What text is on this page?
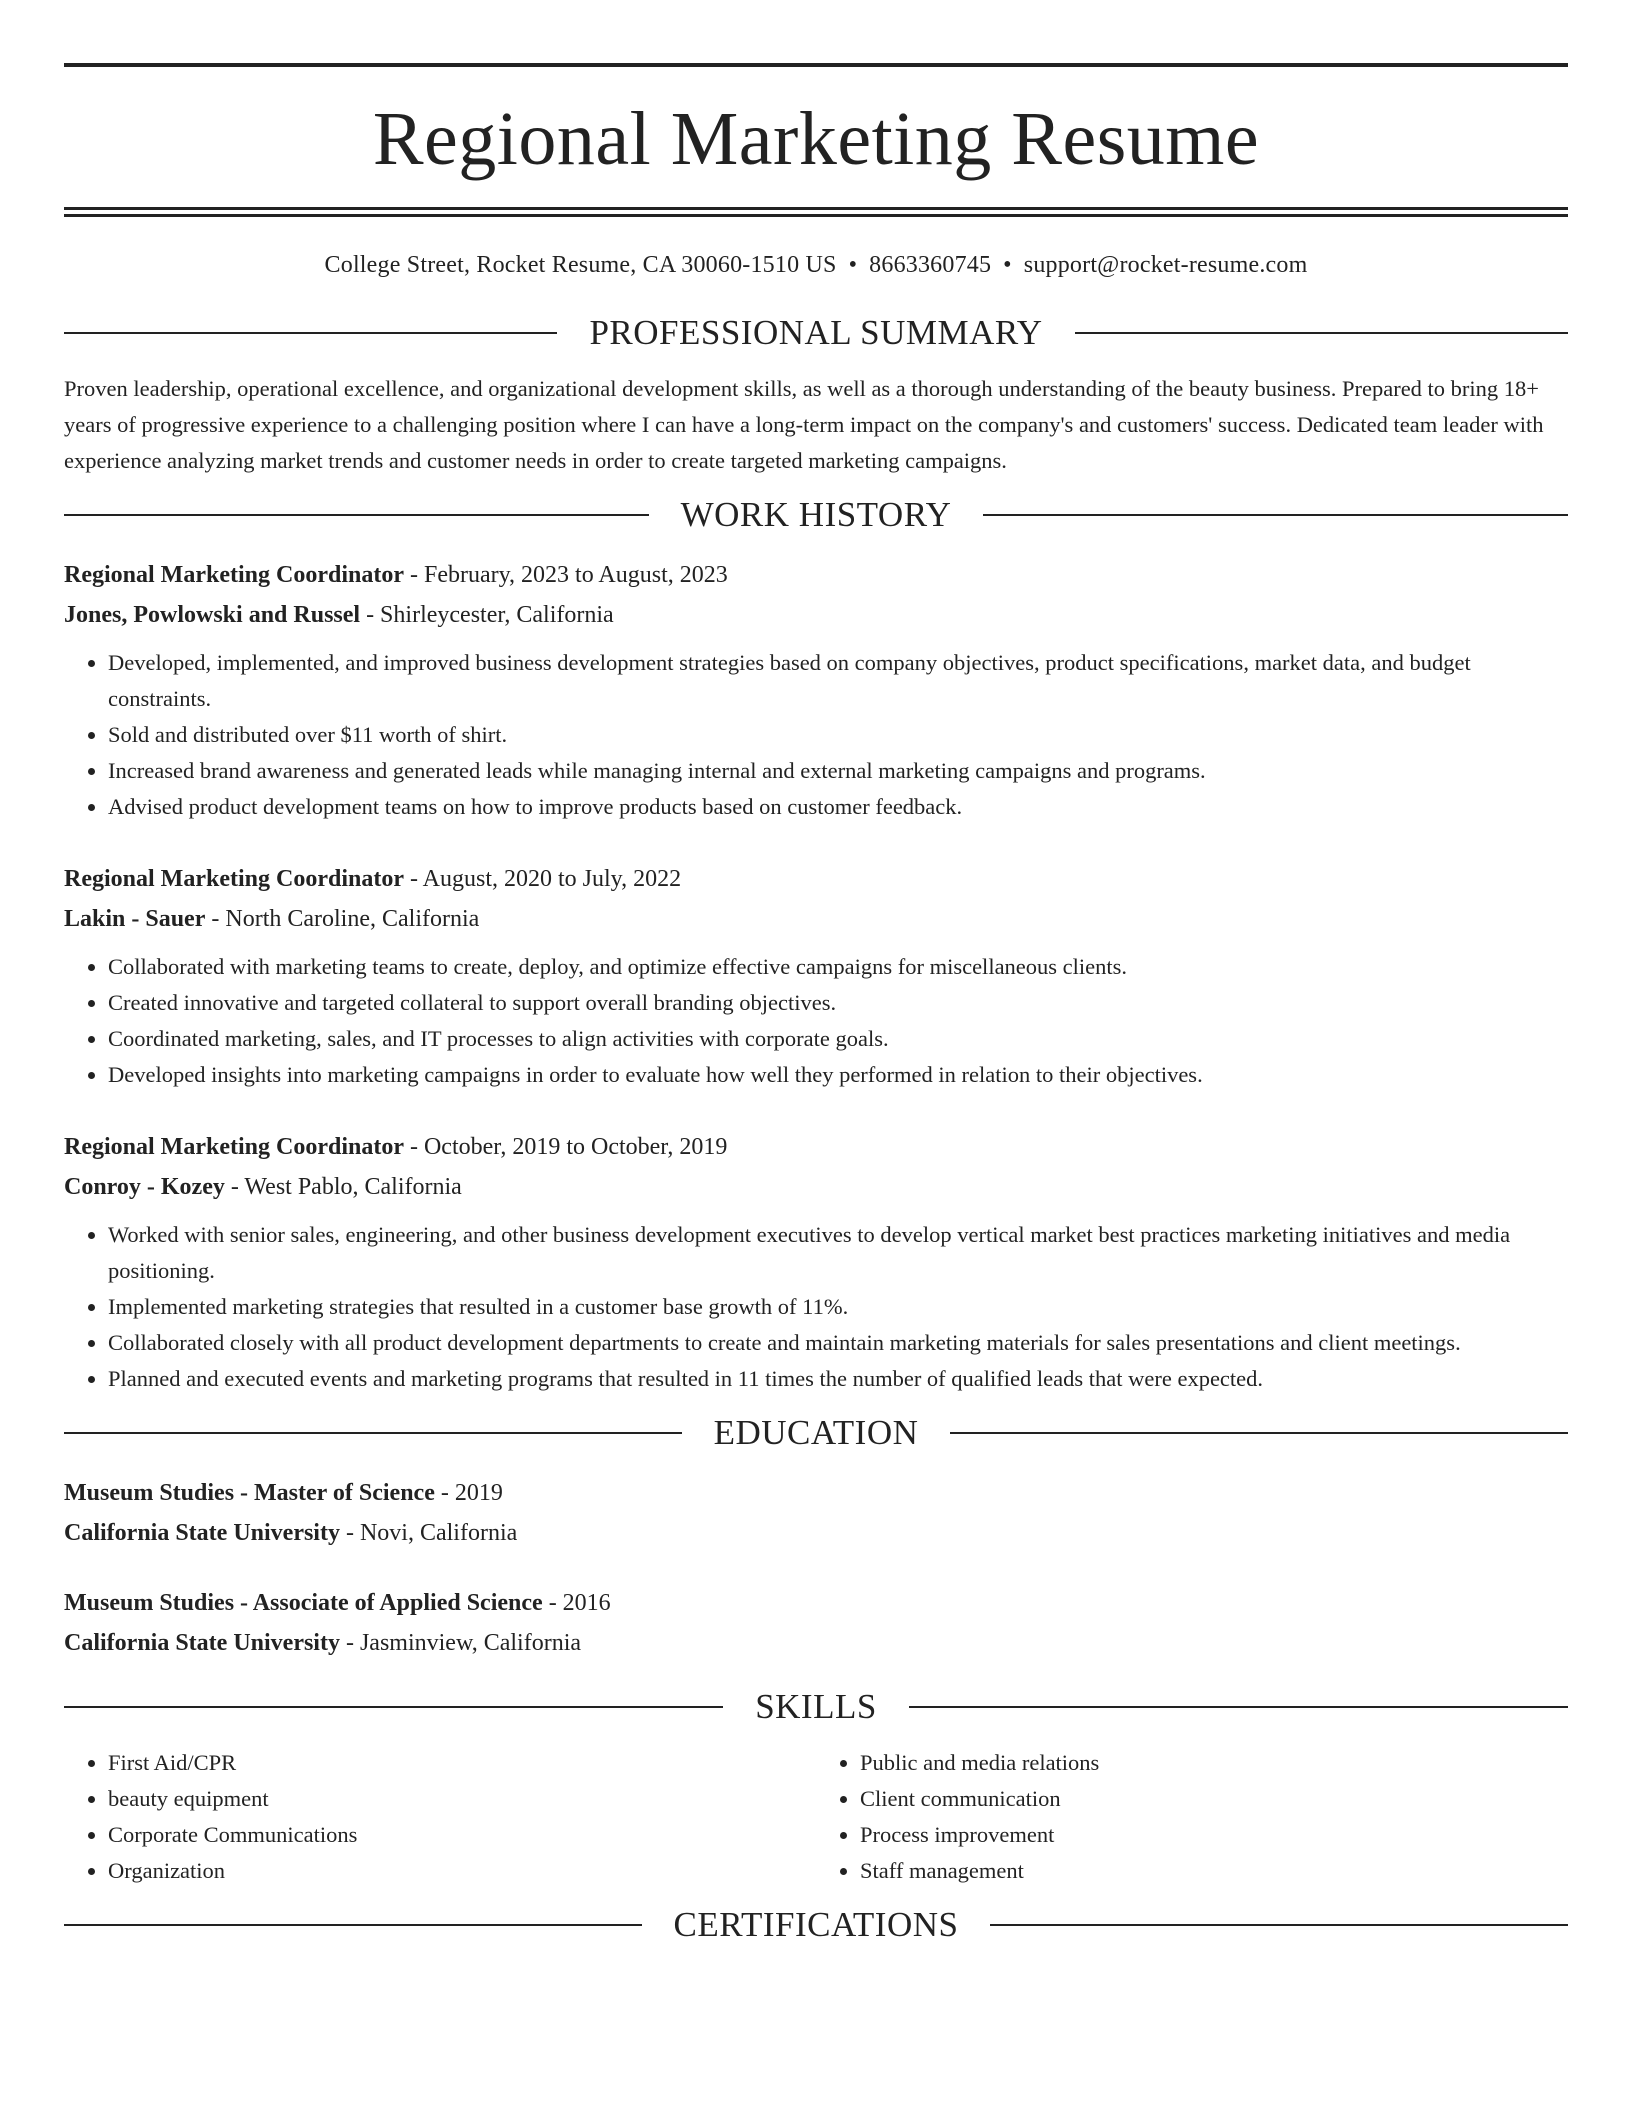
Regional Marketing Resume
College Street, Rocket Resume, CA 30060-1510 US • 8663360745 • support@rocket-resume.com
PROFESSIONAL SUMMARY
Proven leadership, operational excellence, and organizational development skills, as well as a thorough understanding of the beauty business. Prepared to bring 18+ years of progressive experience to a challenging position where I can have a long-term impact on the company's and customers' success. Dedicated team leader with experience analyzing market trends and customer needs in order to create targeted marketing campaigns.
WORK HISTORY
Regional Marketing Coordinator - February, 2023 to August, 2023
Jones, Powlowski and Russel - Shirleycester, California
• Developed, implemented, and improved business development strategies based on company objectives, product specifications, market data, and budget constraints.
• Sold and distributed over $11 worth of shirt.
• Increased brand awareness and generated leads while managing internal and external marketing campaigns and programs.
• Advised product development teams on how to improve products based on customer feedback.
Regional Marketing Coordinator - August, 2020 to July, 2022
Lakin - Sauer - North Caroline, California
• Collaborated with marketing teams to create, deploy, and optimize effective campaigns for miscellaneous clients.
• Created innovative and targeted collateral to support overall branding objectives.
• Coordinated marketing, sales, and IT processes to align activities with corporate goals.
• Developed insights into marketing campaigns in order to evaluate how well they performed in relation to their objectives.
Regional Marketing Coordinator - October, 2019 to October, 2019
Conroy - Kozey - West Pablo, California
• Worked with senior sales, engineering, and other business development executives to develop vertical market best practices marketing initiatives and media positioning.
• Implemented marketing strategies that resulted in a customer base growth of 11%.
• Collaborated closely with all product development departments to create and maintain marketing materials for sales presentations and client meetings.
• Planned and executed events and marketing programs that resulted in 11 times the number of qualified leads that were expected.
EDUCATION
Museum Studies - Master of Science - 2019
California State University - Novi, California
Museum Studies - Associate of Applied Science - 2016
California State University - Jasminview, California
SKILLS
• First Aid/CPR
• beauty equipment
• Corporate Communications
• Organization
• Public and media relations
• Client communication
• Process improvement
• Staff management
CERTIFICATIONS
